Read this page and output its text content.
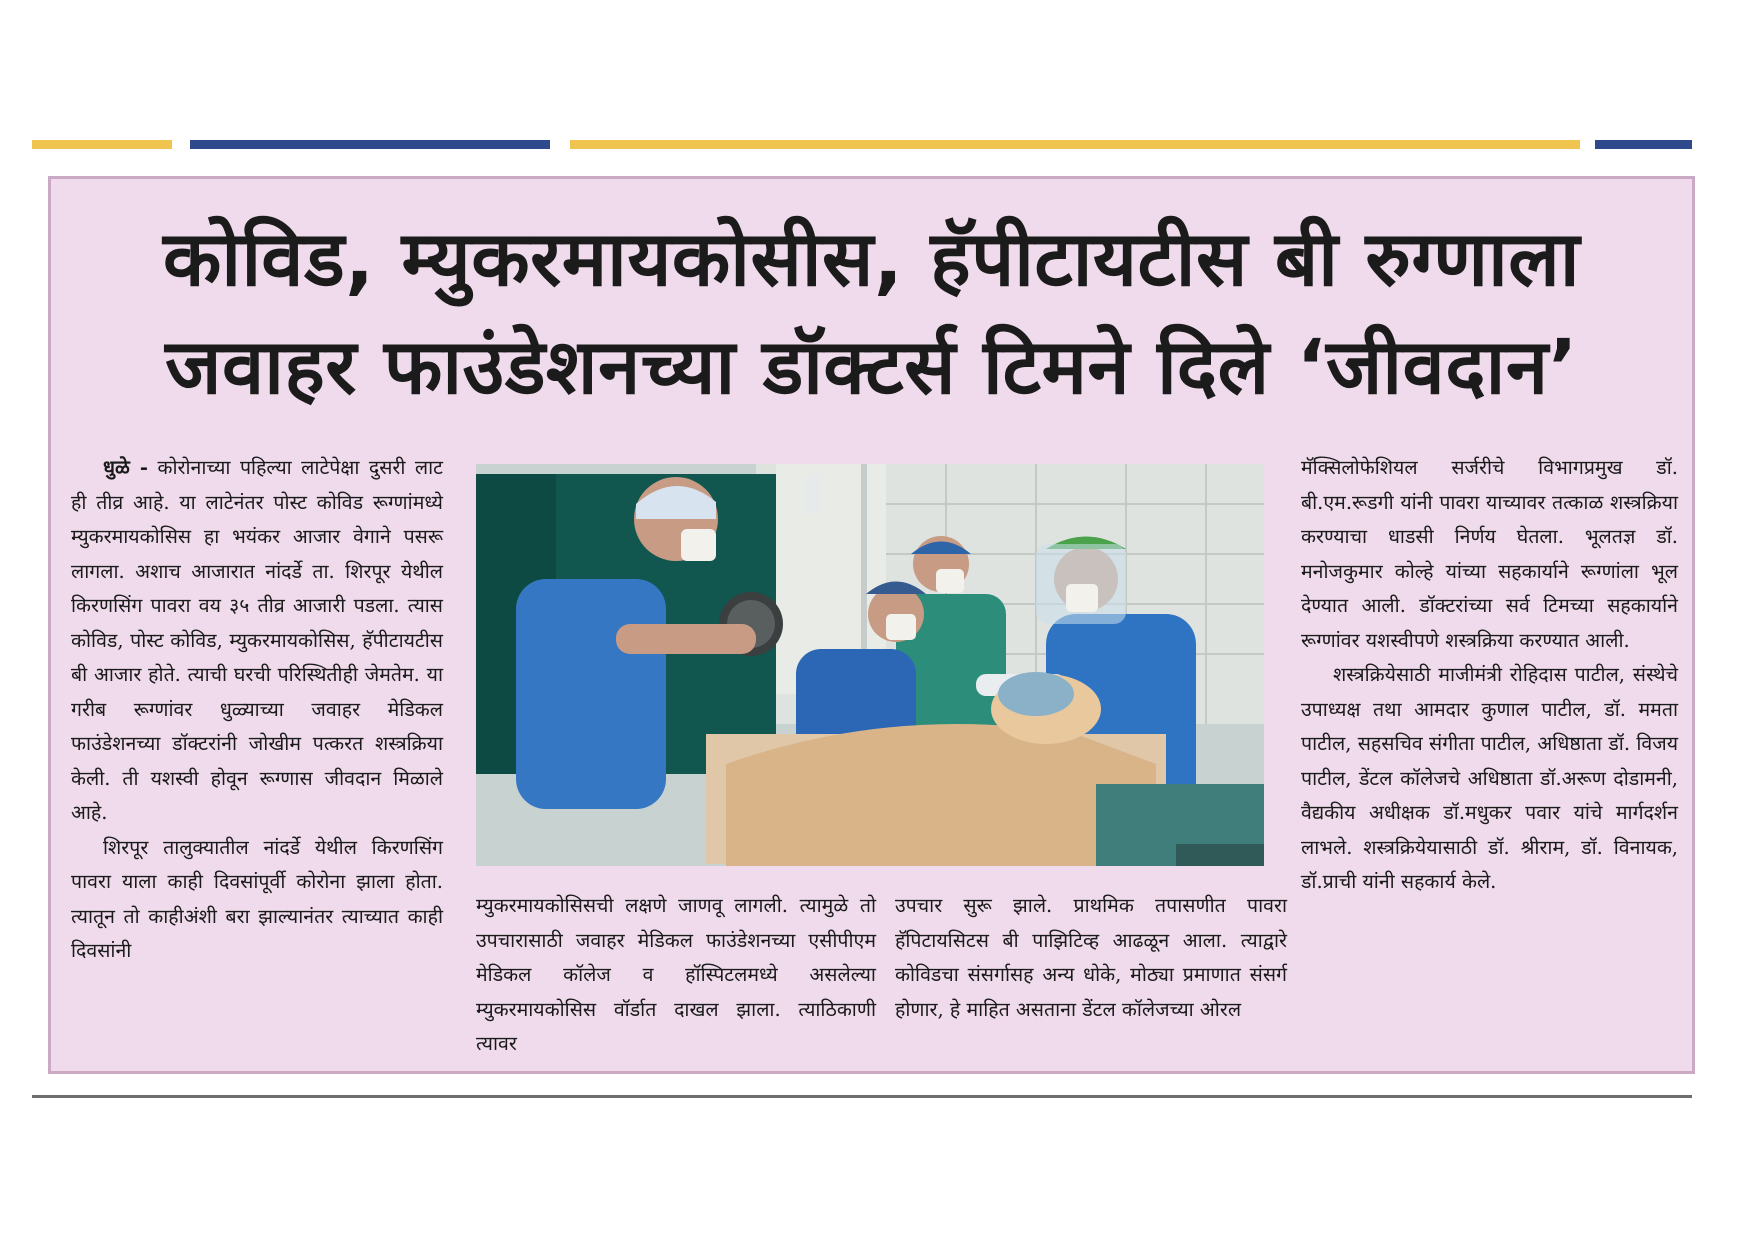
कोविड, म्युकरमायकोसीस, हॅपीटायटीस बी रुग्णाला
जवाहर फाउंडेशनच्या डॉक्टर्स टिमने दिले ‘जीवदान’

धुळे - कोरोनाच्या पहिल्या लाटेपेक्षा दुसरी लाट ही तीव्र आहे. या लाटेनंतर पोस्ट कोविड रूग्णांमध्ये म्युकरमायकोसिस हा भयंकर आजार वेगाने पसरू लागला. अशाच आजारात नांदर्डे ता. शिरपूर येथील किरणसिंग पावरा वय ३५ तीव्र आजारी पडला. त्यास कोविड, पोस्ट कोविड, म्युकरमायकोसिस, हॅपीटायटीस बी आजार होते. त्याची घरची परिस्थितीही जेमतेम. या गरीब रूग्णांवर धुळ्याच्या जवाहर मेडिकल फाउंडेशनच्या डॉक्टरांनी जोखीम पत्करत शस्त्रक्रिया केली. ती यशस्वी होवून रूग्णास जीवदान मिळाले आहे.

शिरपूर तालुक्यातील नांदर्डे येथील किरणसिंग पावरा याला काही दिवसांपूर्वी कोरोना झाला होता. त्यातून तो काहीअंशी बरा झाल्यानंतर त्याच्यात काही दिवसांनी

म्युकरमायकोसिसची लक्षणे जाणवू लागली. त्यामुळे तो उपचारासाठी जवाहर मेडिकल फाउंडेशनच्या एसीपीएम मेडिकल कॉलेज व हॉस्पिटलमध्ये असलेल्या म्युकरमायकोसिस वॉर्डात दाखल झाला. त्याठिकाणी त्यावर

उपचार सुरू झाले. प्राथमिक तपासणीत पावरा हॅपिटायसिटस बी पाझिटिव्ह आढळून आला. त्याद्वारे कोविडचा संसर्गासह अन्य धोके, मोठ्या प्रमाणात संसर्ग होणार, हे माहित असताना डेंटल कॉलेजच्या ओरल

मॅक्सिलोफेशियल सर्जरीचे विभागप्रमुख डॉ. बी.एम.रूडगी यांनी पावरा याच्यावर तत्काळ शस्त्रक्रिया करण्याचा धाडसी निर्णय घेतला. भूलतज्ञ डॉ. मनोजकुमार कोल्हे यांच्या सहकार्याने रूग्णांला भूल देण्यात आली. डॉक्टरांच्या सर्व टिमच्या सहकार्याने रूग्णांवर यशस्वीपणे शस्त्रक्रिया करण्यात आली.

शस्त्रक्रियेसाठी माजीमंत्री रोहिदास पाटील, संस्थेचे उपाध्यक्ष तथा आमदार कुणाल पाटील, डॉ. ममता पाटील, सहसचिव संगीता पाटील, अधिष्ठाता डॉ. विजय पाटील, डेंटल कॉलेजचे अधिष्ठाता डॉ.अरूण दोडामनी, वैद्यकीय अधीक्षक डॉ.मधुकर पवार यांचे मार्गदर्शन लाभले. शस्त्रक्रियेयासाठी डॉ. श्रीराम, डॉ. विनायक, डॉ.प्राची यांनी सहकार्य केले.
